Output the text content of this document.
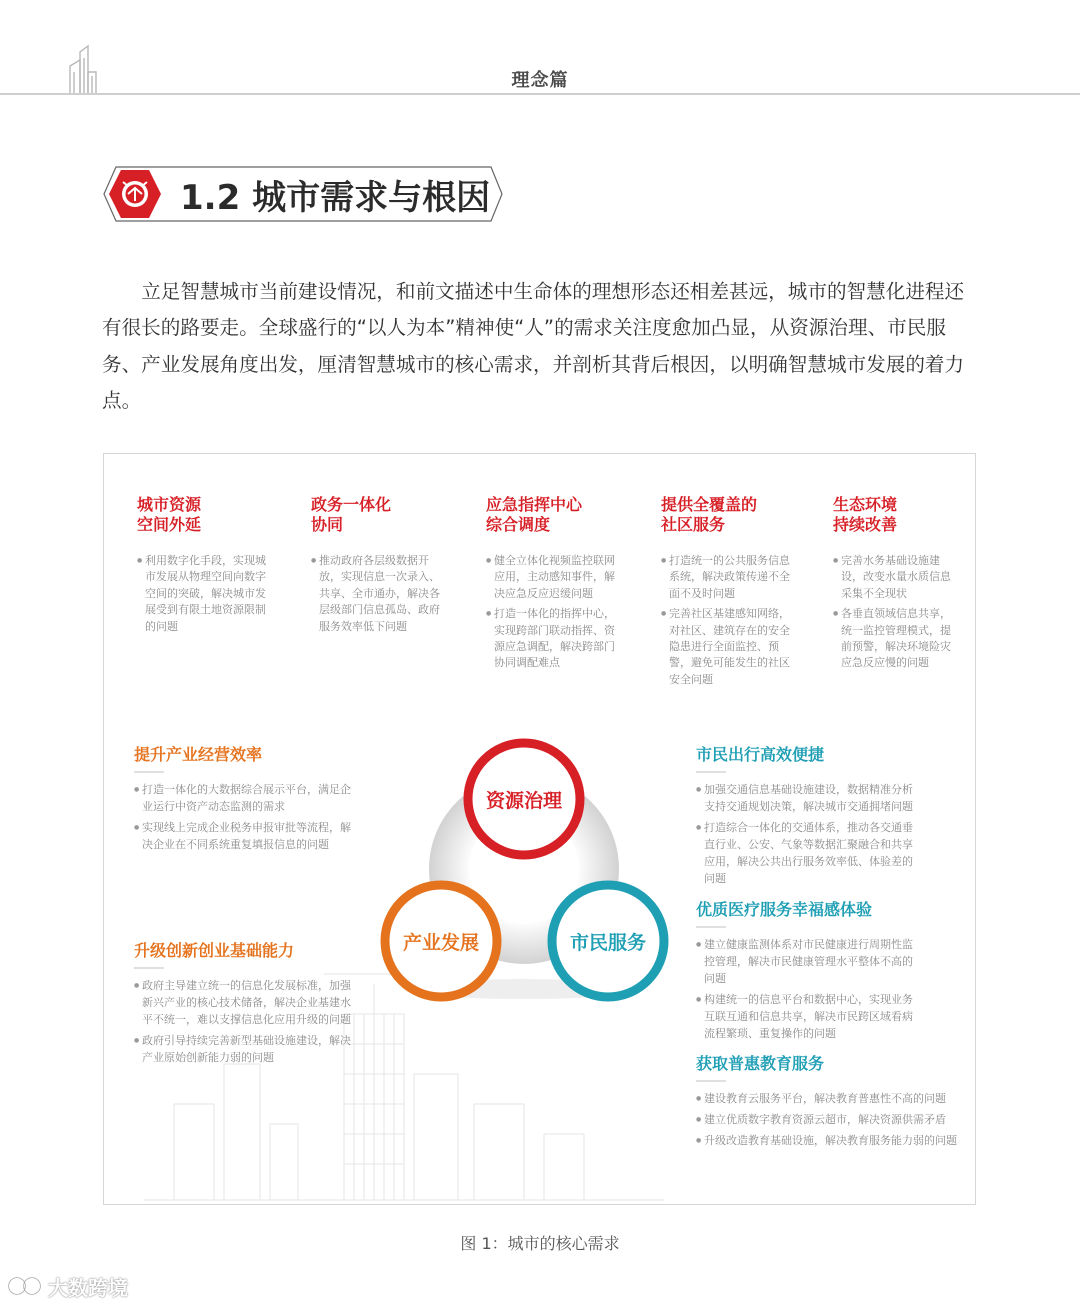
理念篇
1.2 城市需求与根因
立足智慧城市当前建设情况，和前文描述中生命体的理想形态还相差甚远，城市的智慧化进程还有很长的路要走。全球盛行的“以人为本”精神使“人”的需求关注度愈加凸显，从资源治理、市民服务、产业发展角度出发，厘清智慧城市的核心需求，并剖析其背后根因，以明确智慧城市发展的着力点。
城市资源
空间外延
● 利用数字化手段，实现城市发展从物理空间向数字空间的突破，解决城市发展受到有限土地资源限制的问题
政务一体化
协同
● 推动政府各层级数据开放，实现信息一次录入、共享、全市通办，解决各层级部门信息孤岛、政府服务效率低下问题
应急指挥中心
综合调度
● 健全立体化视频监控联网应用，主动感知事件，解决应急反应迟缓问题
● 打造一体化的指挥中心，实现跨部门联动指挥、资源应急调配，解决跨部门协同调配难点
提供全覆盖的
社区服务
● 打造统一的公共服务信息系统，解决政策传递不全面不及时问题
● 完善社区基建感知网络，对社区、建筑存在的安全隐患进行全面监控、预警，避免可能发生的社区安全问题
生态环境
持续改善
● 完善水务基础设施建设，改变水量水质信息采集不全现状
● 各垂直领域信息共享，统一监控管理模式，提前预警，解决环境险灾应急反应慢的问题
提升产业经营效率
● 打造一体化的大数据综合展示平台，满足企业运行中资产动态监测的需求
● 实现线上完成企业税务申报审批等流程，解决企业在不同系统重复填报信息的问题
升级创新创业基础能力
● 政府主导建立统一的信息化发展标准，加强新兴产业的核心技术储备，解决企业基建水平不统一，难以支撑信息化应用升级的问题
● 政府引导持续完善新型基础设施建设，解决产业原始创新能力弱的问题
资源治理
产业发展	市民服务
市民出行高效便捷
● 加强交通信息基础设施建设，数据精准分析支持交通规划决策，解决城市交通拥堵问题
● 打造综合一体化的交通体系，推动各交通垂直行业、公安、气象等数据汇聚融合和共享应用，解决公共出行服务效率低、体验差的问题
优质医疗服务幸福感体验
● 建立健康监测体系对市民健康进行周期性监控管理，解决市民健康管理水平整体不高的问题
● 构建统一的信息平台和数据中心，实现业务互联互通和信息共享，解决市民跨区域看病流程繁琐、重复操作的问题
获取普惠教育服务
● 建设教育云服务平台，解决教育普惠性不高的问题
● 建立优质数字教育资源云超市，解决资源供需矛盾
● 升级改造教育基础设施，解决教育服务能力弱的问题
图 1：城市的核心需求
大数跨境
